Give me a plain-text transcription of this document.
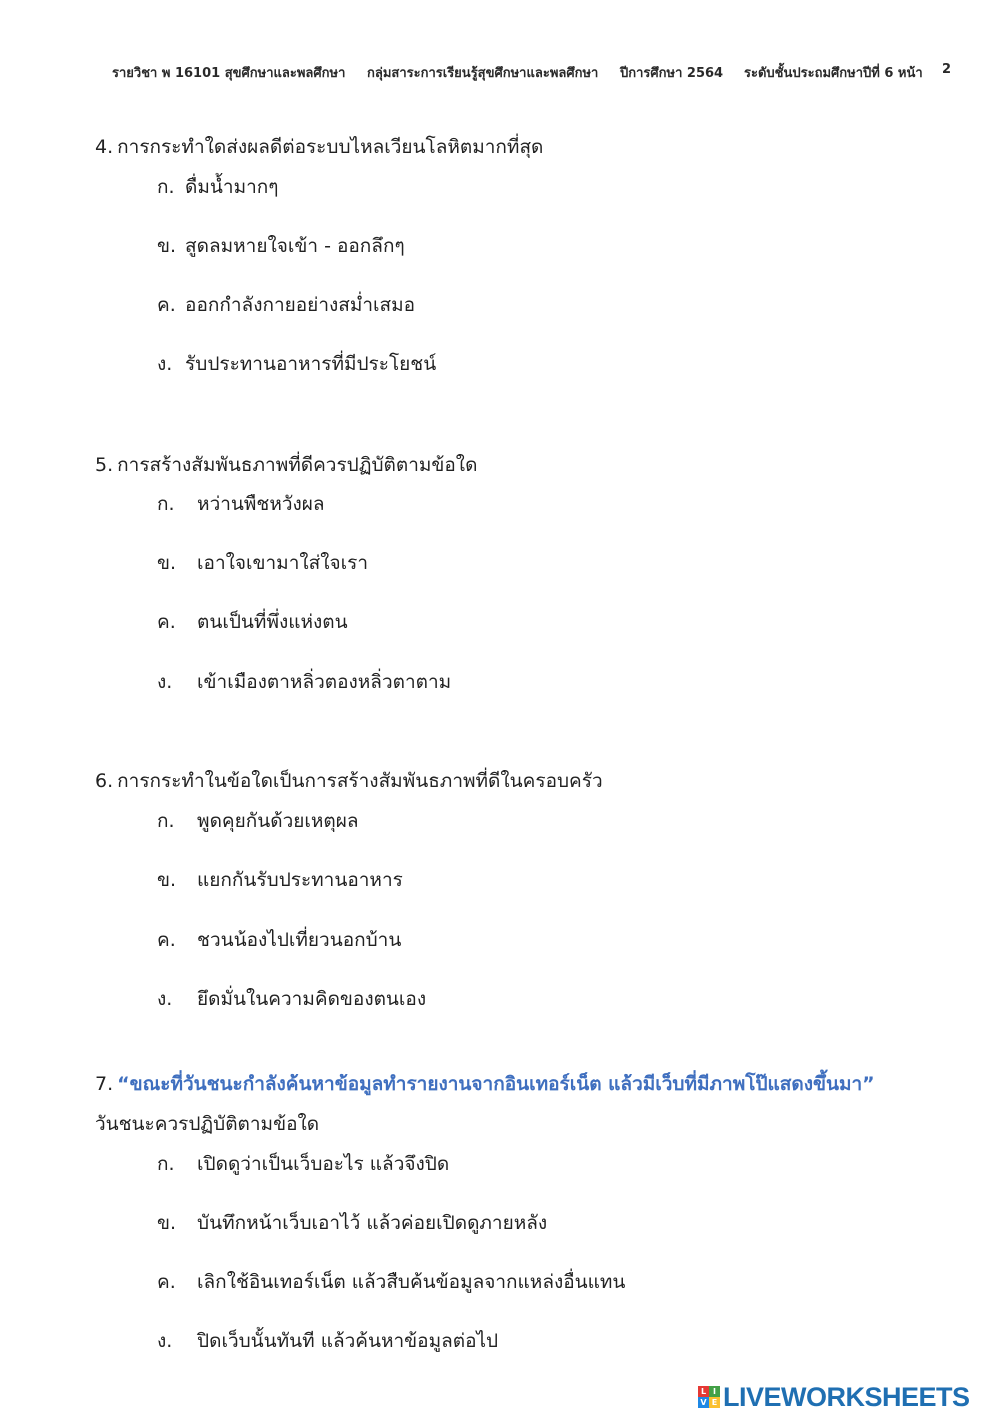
รายวิชา พ 16101 สุขศึกษาและพลศึกษา กลุ่มสาระการเรียนรู้สุขศึกษาและพลศึกษา ปีการศึกษา 2564 ระดับชั้นประถมศึกษาปีที่ 6 หน้า 2
4. การกระทำใดส่งผลดีต่อระบบไหลเวียนโลหิตมากที่สุด
ก. ดื่มน้ำมากๆ
ข. สูดลมหายใจเข้า - ออกลึกๆ
ค. ออกกำลังกายอย่างสม่ำเสมอ
ง. รับประทานอาหารที่มีประโยชน์
5. การสร้างสัมพันธภาพที่ดีควรปฏิบัติตามข้อใด
ก. หว่านพืชหวังผล
ข. เอาใจเขามาใส่ใจเรา
ค. ตนเป็นที่พึ่งแห่งตน
ง. เข้าเมืองตาหลิ่วตองหลิ่วตาตาม
6. การกระทำในข้อใดเป็นการสร้างสัมพันธภาพที่ดีในครอบครัว
ก. พูดคุยกันด้วยเหตุผล
ข. แยกกันรับประทานอาหาร
ค. ชวนน้องไปเที่ยวนอกบ้าน
ง. ยึดมั่นในความคิดของตนเอง
7. “ขณะที่วันชนะกำลังค้นหาข้อมูลทำรายงานจากอินเทอร์เน็ต แล้วมีเว็บที่มีภาพโป๊แสดงขึ้นมา”
วันชนะควรปฏิบัติตามข้อใด
ก. เปิดดูว่าเป็นเว็บอะไร แล้วจึงปิด
ข. บันทึกหน้าเว็บเอาไว้ แล้วค่อยเปิดดูภายหลัง
ค. เลิกใช้อินเทอร์เน็ต แล้วสืบค้นข้อมูลจากแหล่งอื่นแทน
ง. ปิดเว็บนั้นทันที แล้วค้นหาข้อมูลต่อไป
L I
V E LIVEWORKSHEETS
